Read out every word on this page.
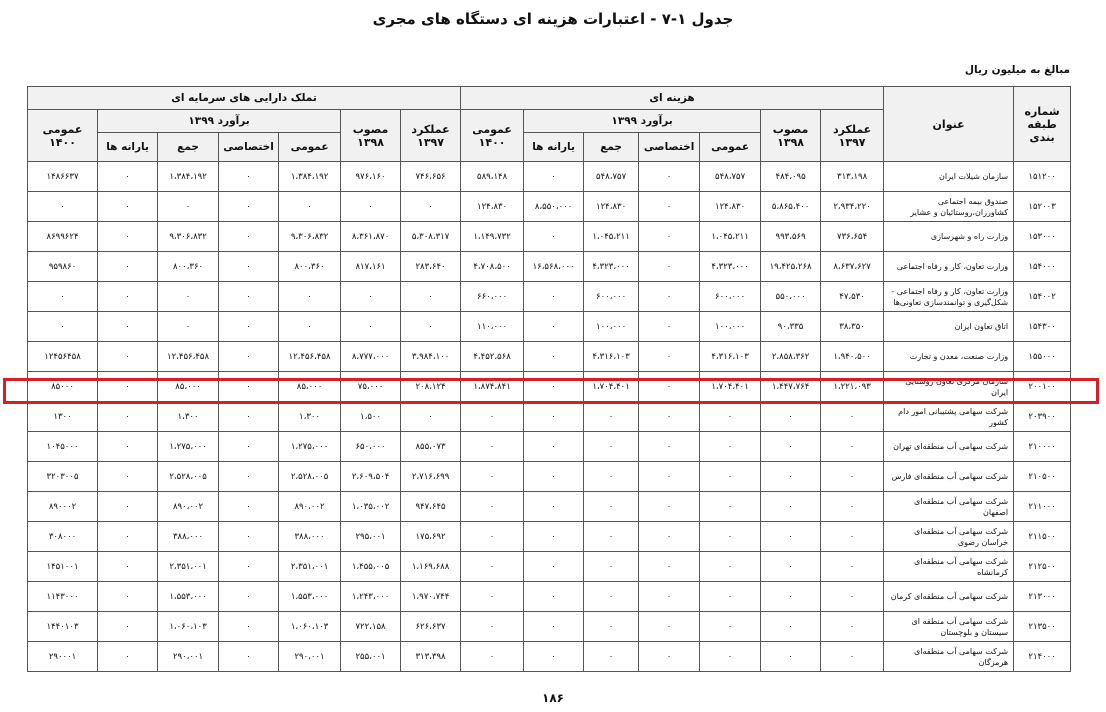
جدول ۱-۷ - اعتبارات هزینه ای دستگاه های مجری
مبالغ به میلیون ریال
شماره طبقه بندی	عنوان	هزینه ای							تملک دارایی های سرمایه ای						
		عملکرد ۱۳۹۷	مصوب ۱۳۹۸	برآورد ۱۳۹۹				عمومی ۱۴۰۰	عملکرد ۱۳۹۷	مصوب ۱۳۹۸	برآورد ۱۳۹۹				عمومی ۱۴۰۰
				عمومی	اختصاصی	جمع	یارانه ها				عمومی	اختصاصی	جمع	یارانه ها	
۱۵۱۲۰۰	سازمان شیلات ایران	۳۱۳،۱۹۸	۴۸۴،۰۹۵	۵۴۸،۷۵۷	۰	۵۴۸،۷۵۷	۰	۵۸۹،۱۴۸	۷۴۶،۶۵۶	۹۷۶،۱۶۰	۱،۳۸۴،۱۹۲	۰	۱،۳۸۴،۱۹۲	۰	۱۴۸۶۶۳۷
۱۵۲۰۰۳	صندوق بیمه اجتماعی کشاورزان،روستائیان و عشایر	۲،۹۳۴،۲۲۰	۵،۸۶۵،۴۰۰	۱۲۴،۸۳۰	۰	۱۲۴،۸۳۰	۸،۵۵۰،۰۰۰	۱۲۴،۸۳۰	۰	۰	۰	۰	۰	۰	۰
۱۵۳۰۰۰	وزارت راه و شهرسازی	۷۳۶،۶۵۴	۹۹۳،۵۶۹	۱،۰۴۵،۲۱۱	۰	۱،۰۴۵،۲۱۱	۰	۱،۱۴۹،۷۳۲	۵،۳۰۸،۳۱۷	۸،۳۶۱،۸۷۰	۹،۳۰۶،۸۳۲	۰	۹،۳۰۶،۸۳۲	۰	۸۶۹۹۶۲۴
۱۵۴۰۰۰	وزارت تعاون، کار و رفاه اجتماعی	۸،۶۳۷،۶۲۷	۱۹،۴۲۵،۲۶۸	۴،۳۲۳،۰۰۰	۰	۴،۳۲۳،۰۰۰	۱۶،۵۶۸،۰۰۰	۴،۷۰۸،۵۰۰	۲۸۳،۶۴۰	۸۱۷،۱۶۱	۸۰۰،۳۶۰	۰	۸۰۰،۳۶۰	۰	۹۵۹۸۶۰
۱۵۴۰۰۲	وزارت تعاون، کار و رفاه اجتماعی - شکل‌گیری و توانمندسازی تعاونی‌ها	۴۷،۵۳۰	۵۵۰،۰۰۰	۶۰۰،۰۰۰	۰	۶۰۰،۰۰۰	۰	۶۶۰،۰۰۰	۰	۰	۰	۰	۰	۰	۰
۱۵۴۳۰۰	اتاق تعاون ایران	۳۸،۳۵۰	۹۰،۳۳۵	۱۰۰،۰۰۰	۰	۱۰۰،۰۰۰	۰	۱۱۰،۰۰۰	۰	۰	۰	۰	۰	۰	۰
۱۵۵۰۰۰	وزارت صنعت، معدن و تجارت	۱،۹۴۰،۵۰۰	۲،۸۵۸،۳۶۲	۴،۳۱۶،۱۰۳	۰	۴،۳۱۶،۱۰۳	۰	۴،۴۵۲،۵۶۸	۳،۹۸۴،۱۰۰	۸،۷۷۷،۰۰۰	۱۲،۴۵۶،۴۵۸	۰	۱۲،۴۵۶،۴۵۸	۰	۱۲۴۵۶۴۵۸
۲۰۰۱۰۰	سازمان مرکزی تعاون روستایی ایران	۱،۲۲۱،۰۹۳	۱،۴۴۷،۷۶۴	۱،۷۰۴،۴۰۱	۰	۱،۷۰۴،۴۰۱	۰	۱،۸۷۴،۸۴۱	۲۰۸،۱۲۴	۷۵،۰۰۰	۸۵،۰۰۰	۰	۸۵،۰۰۰	۰	۸۵۰۰۰
۲۰۳۹۰۰	شرکت سهامی پشتیبانی امور دام کشور	۰	۰	۰	۰	۰	۰	۰	۰	۱،۵۰۰	۱،۳۰۰	۰	۱،۳۰۰	۰	۱۳۰۰
۲۱۰۰۰۰	شرکت سهامی آب منطقه‌ای تهران	۰	۰	۰	۰	۰	۰	۰	۸۵۵،۰۷۳	۶۵۰،۰۰۰	۱،۲۷۵،۰۰۰	۰	۱،۲۷۵،۰۰۰	۰	۱۰۴۵۰۰۰
۲۱۰۵۰۰	شرکت سهامی آب منطقه‌ای فارس	۰	۰	۰	۰	۰	۰	۰	۲،۷۱۶،۶۹۹	۲،۶۰۹،۵۰۴	۲،۵۲۸،۰۰۵	۰	۲،۵۲۸،۰۰۵	۰	۳۲۰۳۰۰۵
۲۱۱۰۰۰	شرکت سهامی آب منطقه‌ای اصفهان	۰	۰	۰	۰	۰	۰	۰	۹۴۷،۶۴۵	۱،۰۳۵،۰۰۲	۸۹۰،۰۰۲	۰	۸۹۰،۰۰۲	۰	۸۹۰۰۰۲
۲۱۱۵۰۰	شرکت سهامی آب منطقه‌ای خراسان رضوی	۰	۰	۰	۰	۰	۰	۰	۱۷۵،۶۹۲	۲۹۵،۰۰۱	۳۸۸،۰۰۰	۰	۳۸۸،۰۰۰	۰	۳۰۸۰۰۰
۲۱۲۵۰۰	شرکت سهامی آب منطقه‌ای کرمانشاه	۰	۰	۰	۰	۰	۰	۰	۱،۱۶۹،۶۸۸	۱،۴۵۵،۰۰۵	۲،۳۵۱،۰۰۱	۰	۲،۳۵۱،۰۰۱	۰	۱۴۵۱۰۰۱
۲۱۳۰۰۰	شرکت سهامی آب منطقه‌ای کرمان	۰	۰	۰	۰	۰	۰	۰	۱،۹۷۰،۷۴۴	۱،۲۴۳،۰۰۰	۱،۵۵۳،۰۰۰	۰	۱،۵۵۳،۰۰۰	۰	۱۱۴۳۰۰۰
۲۱۳۵۰۰	شرکت سهامی آب منطقه ای سیستان و بلوچستان	۰	۰	۰	۰	۰	۰	۰	۶۲۶،۶۳۷	۷۲۲،۱۵۸	۱،۰۶۰،۱۰۳	۰	۱،۰۶۰،۱۰۳	۰	۱۴۴۰۱۰۳
۲۱۴۰۰۰	شرکت سهامی آب منطقه‌ای هرمزگان	۰	۰	۰	۰	۰	۰	۰	۳۱۳،۳۹۸	۲۵۵،۰۰۱	۲۹۰،۰۰۱	۰	۲۹۰،۰۰۱	۰	۲۹۰۰۰۱
۱۸۶
